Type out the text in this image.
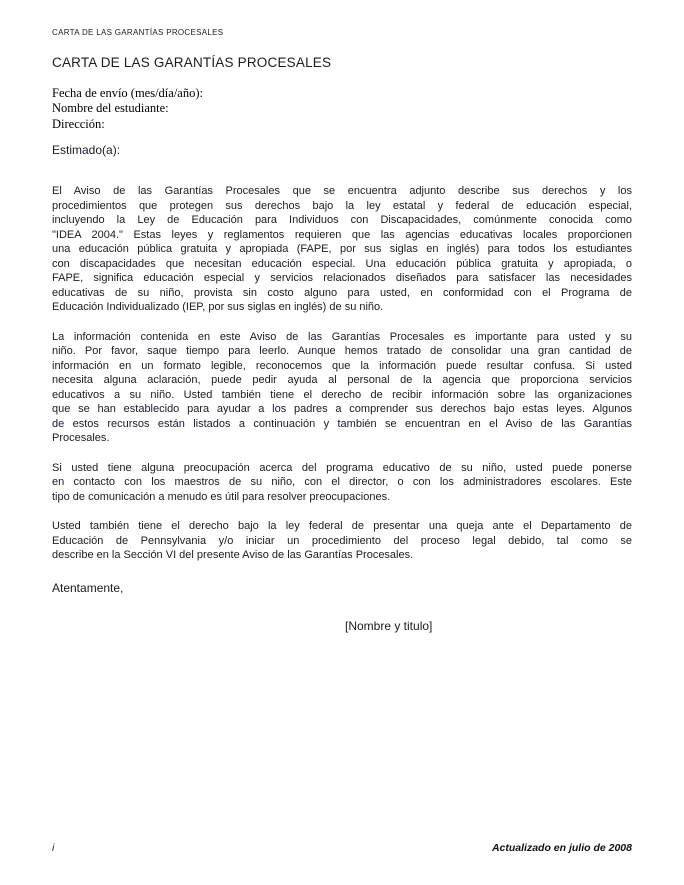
CARTA DE LAS GARANTÍAS PROCESALES
CARTA DE LAS GARANTÍAS PROCESALES
Fecha de envío (mes/día/año):
Nombre del estudiante:
Dirección:
Estimado(a):
El Aviso de las Garantías Procesales que se encuentra adjunto describe sus derechos y los
procedimientos que protegen sus derechos bajo la ley estatal y federal de educación especial,
incluyendo la Ley de Educación para Individuos con Discapacidades, comúnmente conocida como
"IDEA 2004." Estas leyes y reglamentos requieren que las agencias educativas locales proporcionen
una educación pública gratuita y apropiada (FAPE, por sus siglas en inglés) para todos los estudiantes
con discapacidades que necesitan educación especial. Una educación pública gratuita y apropiada, o
FAPE, significa educación especial y servicios relacionados diseñados para satisfacer las necesidades
educativas de su niño, provista sin costo alguno para usted, en conformidad con el Programa de
Educación Individualizado (IEP, por sus siglas en inglés) de su niño.
La información contenida en este Aviso de las Garantías Procesales es importante para usted y su
niño. Por favor, saque tiempo para leerlo. Aunque hemos tratado de consolidar una gran cantidad de
información en un formato legible, reconocemos que la información puede resultar confusa. Si usted
necesita alguna aclaración, puede pedir ayuda al personal de la agencia que proporciona servicios
educativos a su niño. Usted también tiene el derecho de recibir información sobre las organizaciones
que se han establecido para ayudar a los padres a comprender sus derechos bajo estas leyes. Algunos
de estos recursos están listados a continuación y también se encuentran en el Aviso de las Garantías
Procesales.
Si usted tiene alguna preocupación acerca del programa educativo de su niño, usted puede ponerse
en contacto con los maestros de su niño, con el director, o con los administradores escolares. Este
tipo de comunicación a menudo es útil para resolver preocupaciones.
Usted también tiene el derecho bajo la ley federal de presentar una queja ante el Departamento de
Educación de Pennsylvania y/o iniciar un procedimiento del proceso legal debido, tal como se
describe en la Sección VI del presente Aviso de las Garantías Procesales.
Atentamente,
[Nombre y titulo]
i	Actualizado en julio de 2008
